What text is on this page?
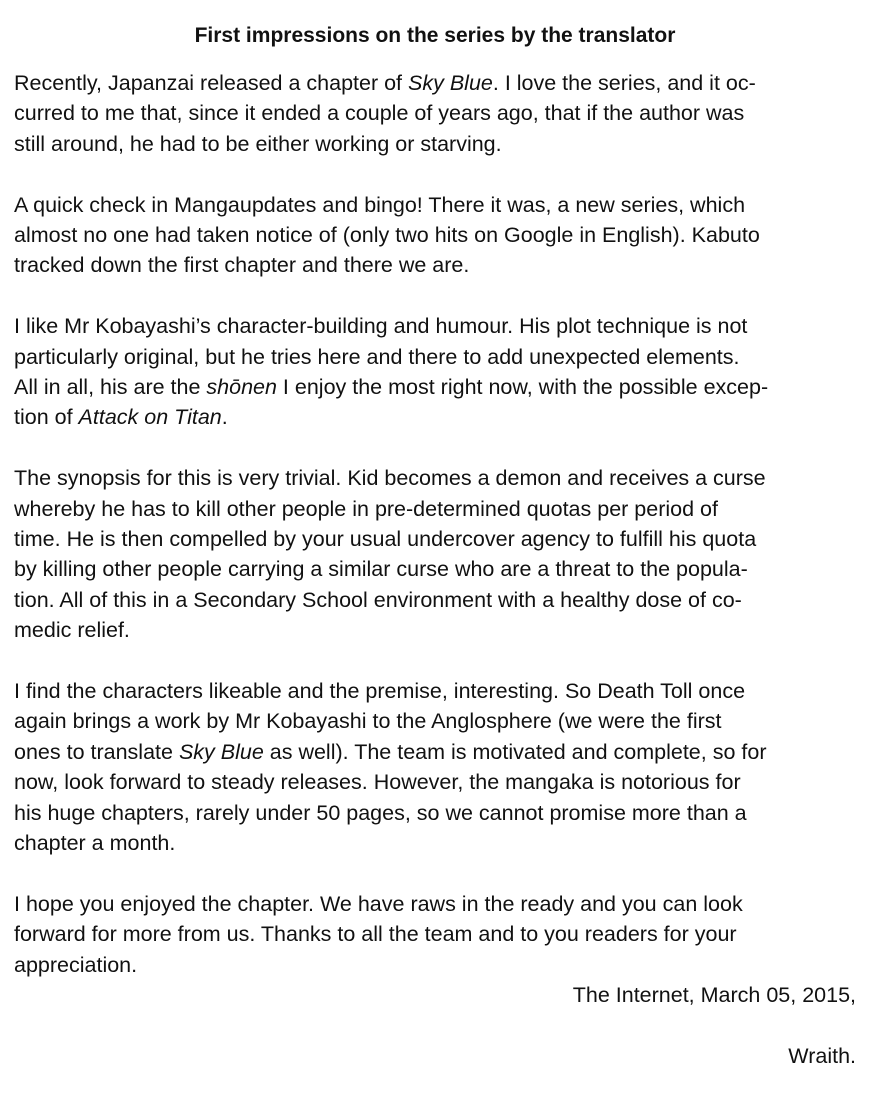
First impressions on the series by the translator
Recently, Japanzai released a chapter of Sky Blue. I love the series, and it oc-
curred to me that, since it ended a couple of years ago, that if the author was
still around, he had to be either working or starving.
A quick check in Mangaupdates and bingo! There it was, a new series, which
almost no one had taken notice of (only two hits on Google in English). Kabuto
tracked down the first chapter and there we are.
I like Mr Kobayashi’s character-building and humour. His plot technique is not
particularly original, but he tries here and there to add unexpected elements.
All in all, his are the shōnen I enjoy the most right now, with the possible excep-
tion of Attack on Titan.
The synopsis for this is very trivial. Kid becomes a demon and receives a curse
whereby he has to kill other people in pre-determined quotas per period of
time. He is then compelled by your usual undercover agency to fulfill his quota
by killing other people carrying a similar curse who are a threat to the popula-
tion. All of this in a Secondary School environment with a healthy dose of co-
medic relief.
I find the characters likeable and the premise, interesting. So Death Toll once
again brings a work by Mr Kobayashi to the Anglosphere (we were the first
ones to translate Sky Blue as well). The team is motivated and complete, so for
now, look forward to steady releases. However, the mangaka is notorious for
his huge chapters, rarely under 50 pages, so we cannot promise more than a
chapter a month.
I hope you enjoyed the chapter. We have raws in the ready and you can look
forward for more from us. Thanks to all the team and to you readers for your
appreciation.
The Internet, March 05, 2015,
Wraith.
